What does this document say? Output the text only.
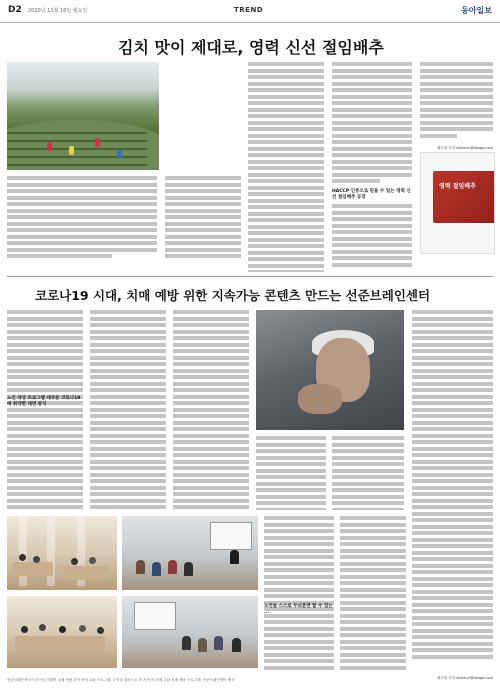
D2 2020년 11월 16일 월요일	TREND	동아일보
김치 맛이 제대로, 영력 신선 절임배추
HACCP 인증으로 믿을 수 있는 영력 신선 절임배추 공장
최은희 기자 choieun@donga.com
영력 절임배추
코로나19 시대, 치매 예방 위한 지속가능 콘텐츠 만드는 선준브레인센터
노인 대상 프로그램 대부분 코로나19에 취약한 대면 방식
최은희 기자 choieun@donga.com
노인들 스스로 두뇌훈련 할 수 있는 ...
선준브레인센터가 라이언 비대면 치매 예방 강사 양성 교육 프로그램. 노인을 대상으로 한 지역 이 자체 주관 치매 예방 프로그램. 선준브레인센터 제공
